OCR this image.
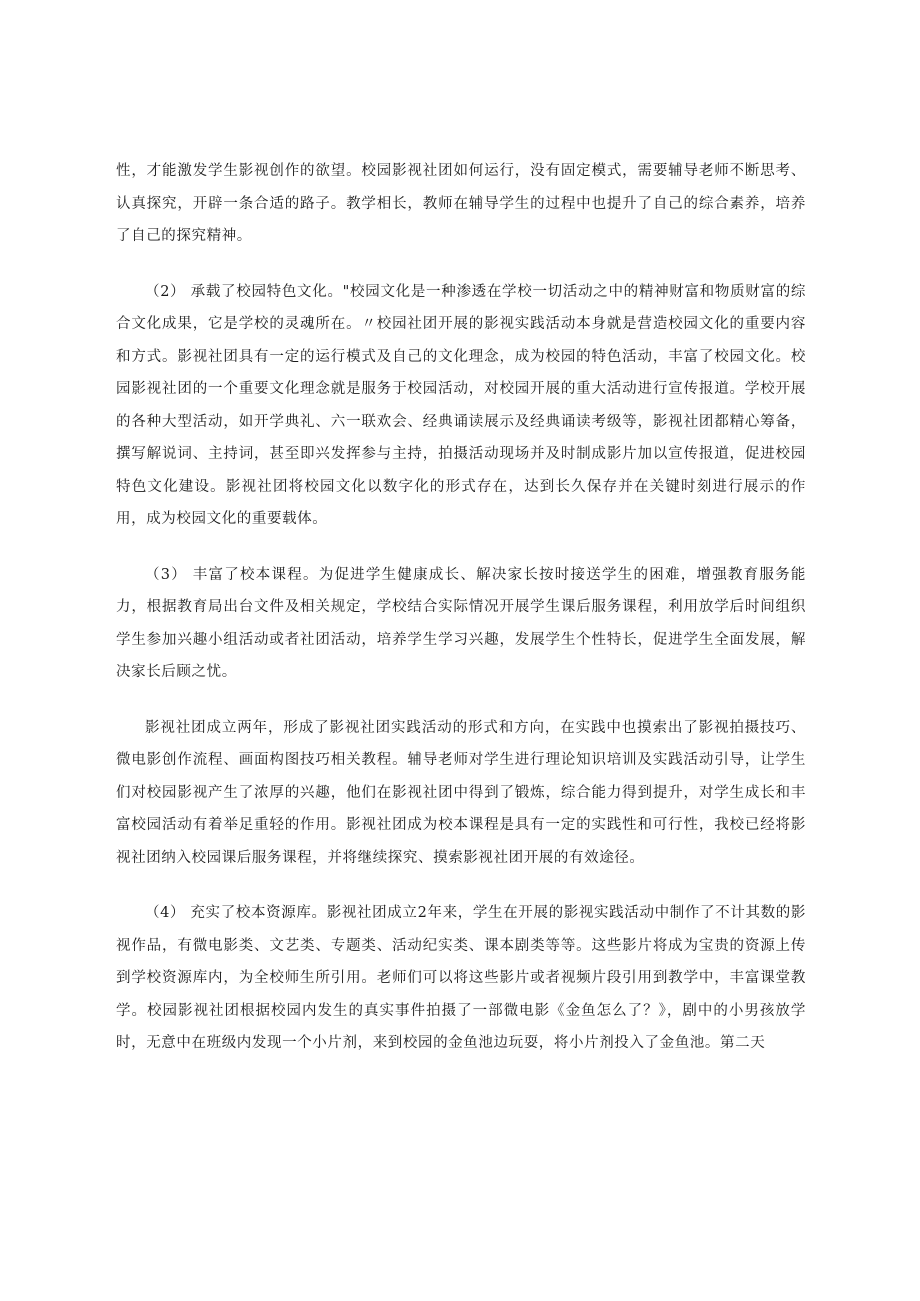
性，才能激发学生影视创作的欲望。校园影视社团如何运行，没有固定模式，需要辅导老师不断思考、认真探究，开辟一条合适的路子。教学相长，教师在辅导学生的过程中也提升了自己的综合素养，培养了自己的探究精神。

（2） 承载了校园特色文化。"校园文化是一种渗透在学校一切活动之中的精神财富和物质财富的综合文化成果，它是学校的灵魂所在。〃校园社团开展的影视实践活动本身就是营造校园文化的重要内容和方式。影视社团具有一定的运行模式及自己的文化理念，成为校园的特色活动，丰富了校园文化。校园影视社团的一个重要文化理念就是服务于校园活动，对校园开展的重大活动进行宣传报道。学校开展的各种大型活动，如开学典礼、六一联欢会、经典诵读展示及经典诵读考级等，影视社团都精心筹备，撰写解说词、主持词，甚至即兴发挥参与主持，拍摄活动现场并及时制成影片加以宣传报道，促进校园特色文化建设。影视社团将校园文化以数字化的形式存在，达到长久保存并在关键时刻进行展示的作用，成为校园文化的重要载体。

（3） 丰富了校本课程。为促进学生健康成长、解决家长按时接送学生的困难，增强教育服务能力，根据教育局出台文件及相关规定，学校结合实际情况开展学生课后服务课程，利用放学后时间组织学生参加兴趣小组活动或者社团活动，培养学生学习兴趣，发展学生个性特长，促进学生全面发展，解决家长后顾之忧。

影视社团成立两年，形成了影视社团实践活动的形式和方向，在实践中也摸索出了影视拍摄技巧、微电影创作流程、画面构图技巧相关教程。辅导老师对学生进行理论知识培训及实践活动引导，让学生们对校园影视产生了浓厚的兴趣，他们在影视社团中得到了锻炼，综合能力得到提升，对学生成长和丰富校园活动有着举足重轻的作用。影视社团成为校本课程是具有一定的实践性和可行性，我校已经将影视社团纳入校园课后服务课程，并将继续探究、摸索影视社团开展的有效途径。

（4） 充实了校本资源库。影视社团成立2年来，学生在开展的影视实践活动中制作了不计其数的影视作品，有微电影类、文艺类、专题类、活动纪实类、课本剧类等等。这些影片将成为宝贵的资源上传到学校资源库内，为全校师生所引用。老师们可以将这些影片或者视频片段引用到教学中，丰富课堂教学。校园影视社团根据校园内发生的真实事件拍摄了一部微电影《金鱼怎么了？》，剧中的小男孩放学时，无意中在班级内发现一个小片剂，来到校园的金鱼池边玩耍，将小片剂投入了金鱼池。第二天
